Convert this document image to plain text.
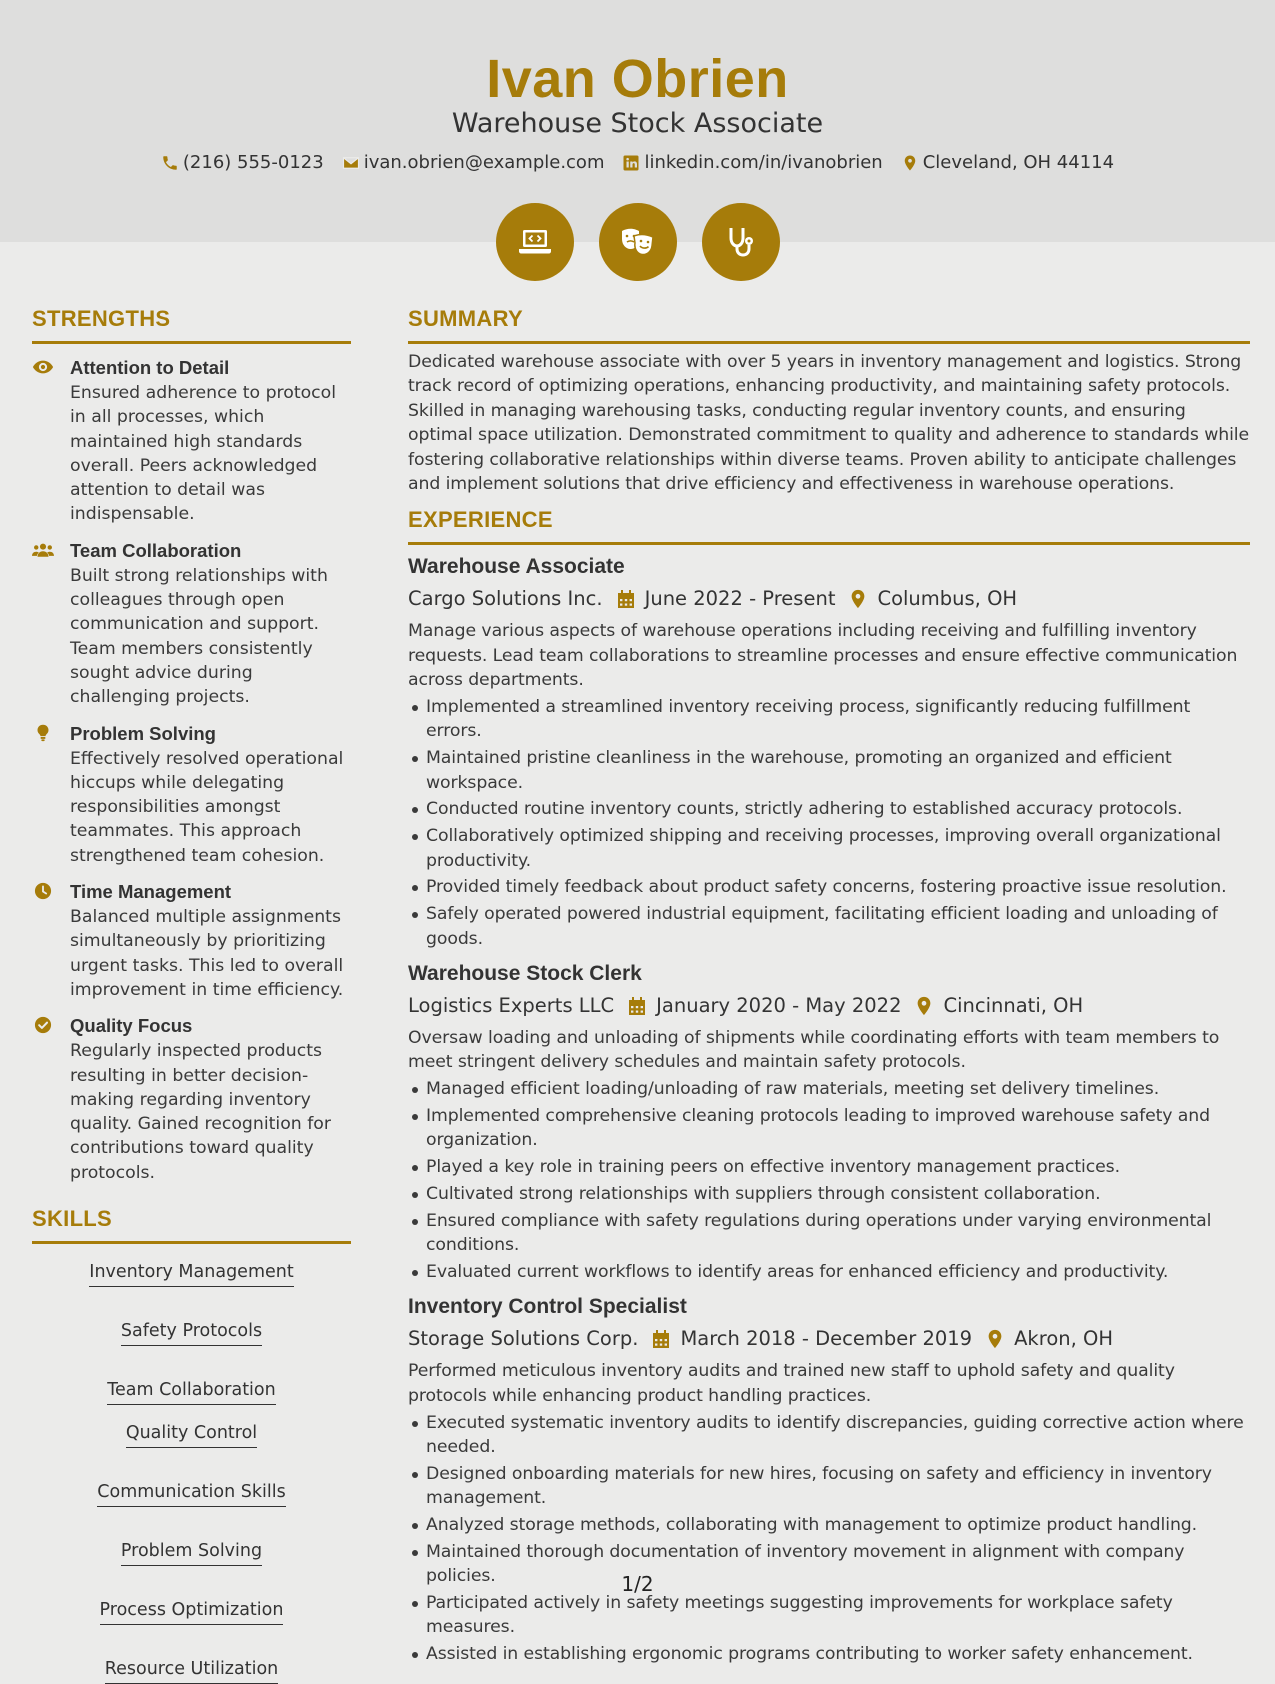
Ivan Obrien
Warehouse Stock Associate
(216) 555-0123 ivan.obrien@example.com linkedin.com/in/ivanobrien Cleveland, OH 44114
STRENGTHS
Attention to Detail
Ensured adherence to protocol in all processes, which maintained high standards overall. Peers acknowledged attention to detail was indispensable.
Team Collaboration
Built strong relationships with colleagues through open communication and support. Team members consistently sought advice during challenging projects.
Problem Solving
Effectively resolved operational hiccups while delegating responsibilities amongst teammates. This approach strengthened team cohesion.
Time Management
Balanced multiple assignments simultaneously by prioritizing urgent tasks. This led to overall improvement in time efficiency.
Quality Focus
Regularly inspected products resulting in better decision-making regarding inventory quality. Gained recognition for contributions toward quality protocols.
SKILLS
Inventory Management
Safety Protocols
Team Collaboration
Quality Control
Communication Skills
Problem Solving
Process Optimization
Resource Utilization
SUMMARY
Dedicated warehouse associate with over 5 years in inventory management and logistics. Strong track record of optimizing operations, enhancing productivity, and maintaining safety protocols. Skilled in managing warehousing tasks, conducting regular inventory counts, and ensuring optimal space utilization. Demonstrated commitment to quality and adherence to standards while fostering collaborative relationships within diverse teams. Proven ability to anticipate challenges and implement solutions that drive efficiency and effectiveness in warehouse operations.
EXPERIENCE
Warehouse Associate
Cargo Solutions Inc. June 2022 - Present Columbus, OH
Manage various aspects of warehouse operations including receiving and fulfilling inventory requests. Lead team collaborations to streamline processes and ensure effective communication across departments.
Implemented a streamlined inventory receiving process, significantly reducing fulfillment errors.
Maintained pristine cleanliness in the warehouse, promoting an organized and efficient workspace.
Conducted routine inventory counts, strictly adhering to established accuracy protocols.
Collaboratively optimized shipping and receiving processes, improving overall organizational productivity.
Provided timely feedback about product safety concerns, fostering proactive issue resolution.
Safely operated powered industrial equipment, facilitating efficient loading and unloading of goods.
Warehouse Stock Clerk
Logistics Experts LLC January 2020 - May 2022 Cincinnati, OH
Oversaw loading and unloading of shipments while coordinating efforts with team members to meet stringent delivery schedules and maintain safety protocols.
Managed efficient loading/unloading of raw materials, meeting set delivery timelines.
Implemented comprehensive cleaning protocols leading to improved warehouse safety and organization.
Played a key role in training peers on effective inventory management practices.
Cultivated strong relationships with suppliers through consistent collaboration.
Ensured compliance with safety regulations during operations under varying environmental conditions.
Evaluated current workflows to identify areas for enhanced efficiency and productivity.
Inventory Control Specialist
Storage Solutions Corp. March 2018 - December 2019 Akron, OH
Performed meticulous inventory audits and trained new staff to uphold safety and quality protocols while enhancing product handling practices.
Executed systematic inventory audits to identify discrepancies, guiding corrective action where needed.
Designed onboarding materials for new hires, focusing on safety and efficiency in inventory management.
Analyzed storage methods, collaborating with management to optimize product handling.
Maintained thorough documentation of inventory movement in alignment with company policies.
Participated actively in safety meetings suggesting improvements for workplace safety measures.
Assisted in establishing ergonomic programs contributing to worker safety enhancement.
1/2
